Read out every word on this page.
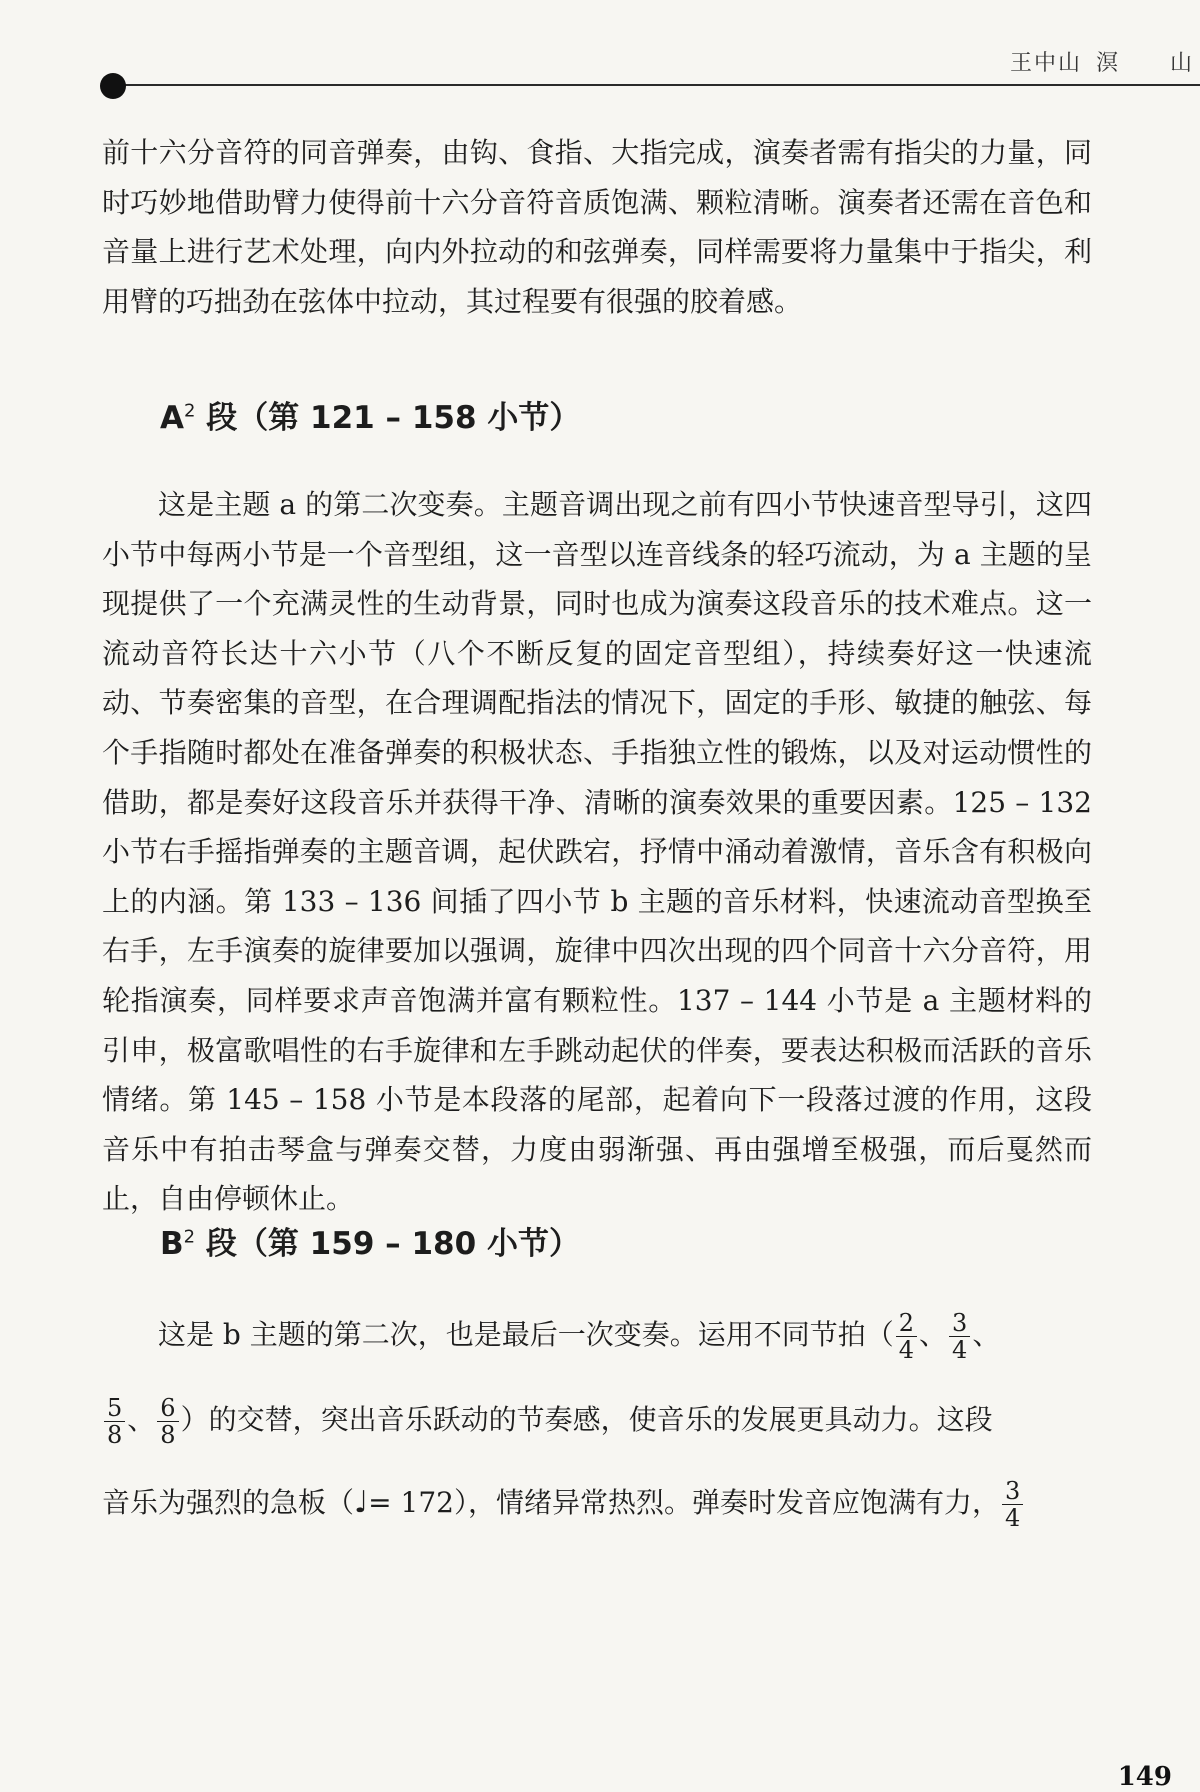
王中山 溟 山

前十六分音符的同音弹奏，由钩、食指、大指完成，演奏者需有指尖的力量，同时巧妙地借助臂力使得前十六分音符音质饱满、颗粒清晰。演奏者还需在音色和音量上进行艺术处理，向内外拉动的和弦弹奏，同样需要将力量集中于指尖，利用臂的巧拙劲在弦体中拉动，其过程要有很强的胶着感。

$A^2$ 段（第 121 – 158 小节）

这是主题 a 的第二次变奏。主题音调出现之前有四小节快速音型导引，这四小节中每两小节是一个音型组，这一音型以连音线条的轻巧流动，为 a 主题的呈现提供了一个充满灵性的生动背景，同时也成为演奏这段音乐的技术难点。这一流动音符长达十六小节（八个不断反复的固定音型组），持续奏好这一快速流动、节奏密集的音型，在合理调配指法的情况下，固定的手形、敏捷的触弦、每个手指随时都处在准备弹奏的积极状态、手指独立性的锻炼，以及对运动惯性的借助，都是奏好这段音乐并获得干净、清晰的演奏效果的重要因素。125 – 132 小节右手摇指弹奏的主题音调，起伏跌宕，抒情中涌动着激情，音乐含有积极向上的内涵。第 133 – 136 间插了四小节 b 主题的音乐材料，快速流动音型换至右手，左手演奏的旋律要加以强调，旋律中四次出现的四个同音十六分音符，用轮指演奏，同样要求声音饱满并富有颗粒性。137 – 144 小节是 a 主题材料的引申，极富歌唱性的右手旋律和左手跳动起伏的伴奏，要表达积极而活跃的音乐情绪。第 145 – 158 小节是本段落的尾部，起着向下一段落过渡的作用，这段音乐中有拍击琴盒与弹奏交替，力度由弱渐强、再由强增至极强，而后戛然而止，自由停顿休止。

$B^2$ 段（第 159 – 180 小节）
这是 b 主题的第二次，也是最后一次变奏。运用不同节拍（ $\frac{2}{4}$ 、 $\frac{3}{4}$ 、
$\frac{5}{8}$ 、 $\frac{6}{8}$ ）的交替，突出音乐跃动的节奏感，使音乐的发展更具动力。这段
音乐为强烈的急板（♩= 172），情绪异常热烈。弹奏时发音应饱满有力， $\frac{3}{4}$
149
